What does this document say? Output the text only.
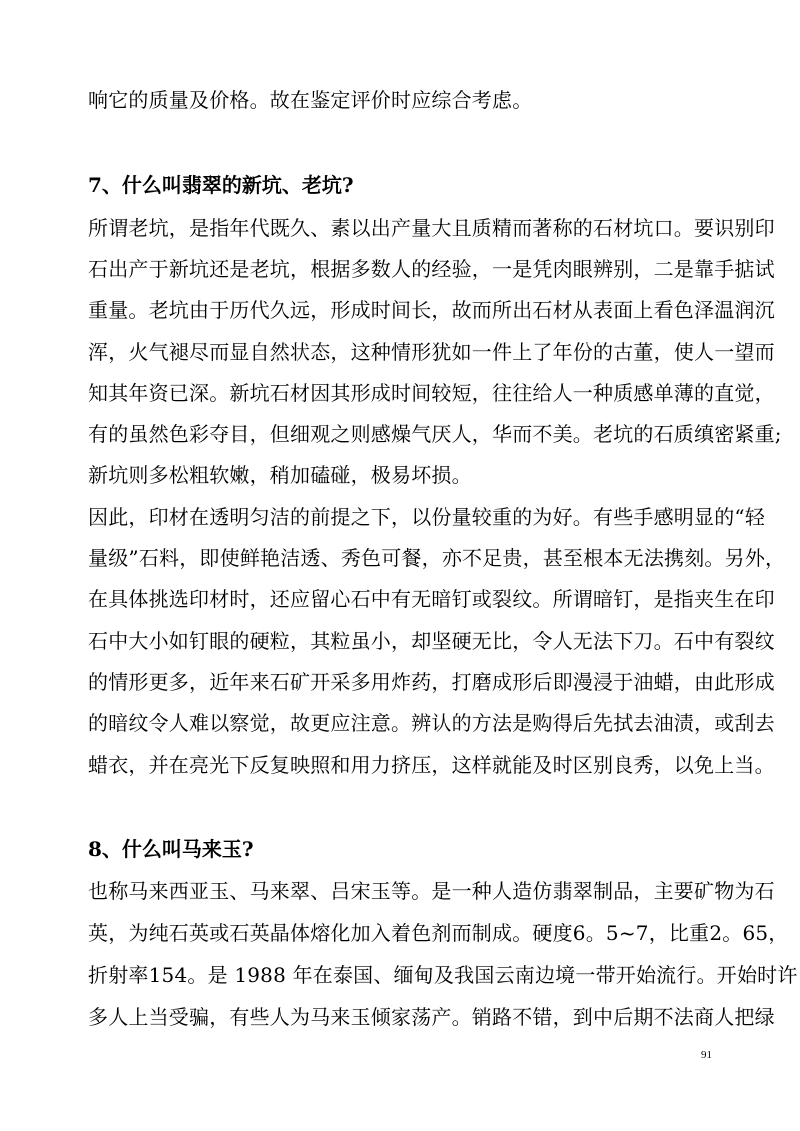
响它的质量及价格。故在鉴定评价时应综合考虑。
7、什么叫翡翠的新坑、老坑?
所谓老坑，是指年代既久、素以出产量大且质精而著称的石材坑口。要识别印
石出产于新坑还是老坑，根据多数人的经验，一是凭肉眼辨别，二是靠手掂试
重量。老坑由于历代久远，形成时间长，故而所出石材从表面上看色泽温润沉
浑，火气褪尽而显自然状态，这种情形犹如一件上了年份的古董，使人一望而
知其年资已深。新坑石材因其形成时间较短，往往给人一种质感单薄的直觉，
有的虽然色彩夺目，但细观之则感燥气厌人，华而不美。老坑的石质缜密紧重;
新坑则多松粗软嫩，稍加磕碰，极易坏损。
因此，印材在透明匀洁的前提之下，以份量较重的为好。有些手感明显的“轻
量级”石料，即使鲜艳洁透、秀色可餐，亦不足贵，甚至根本无法携刻。另外，
在具体挑选印材时，还应留心石中有无暗钉或裂纹。所谓暗钉，是指夹生在印
石中大小如钉眼的硬粒，其粒虽小，却坚硬无比，令人无法下刀。石中有裂纹
的情形更多，近年来石矿开采多用炸药，打磨成形后即漫浸于油蜡，由此形成
的暗纹令人难以察觉，故更应注意。辨认的方法是购得后先拭去油渍，或刮去
蜡衣，并在亮光下反复映照和用力挤压，这样就能及时区别良秀，以免上当。
8、什么叫马来玉?
也称马来西亚玉、马来翠、吕宋玉等。是一种人造仿翡翠制品，主要矿物为石
英，为纯石英或石英晶体熔化加入着色剂而制成。硬度6。5~7，比重2。65，
折射率154。是 1988 年在泰国、缅甸及我国云南边境一带开始流行。开始时许
多人上当受骗，有些人为马来玉倾家荡产。销路不错，到中后期不法商人把绿
91
